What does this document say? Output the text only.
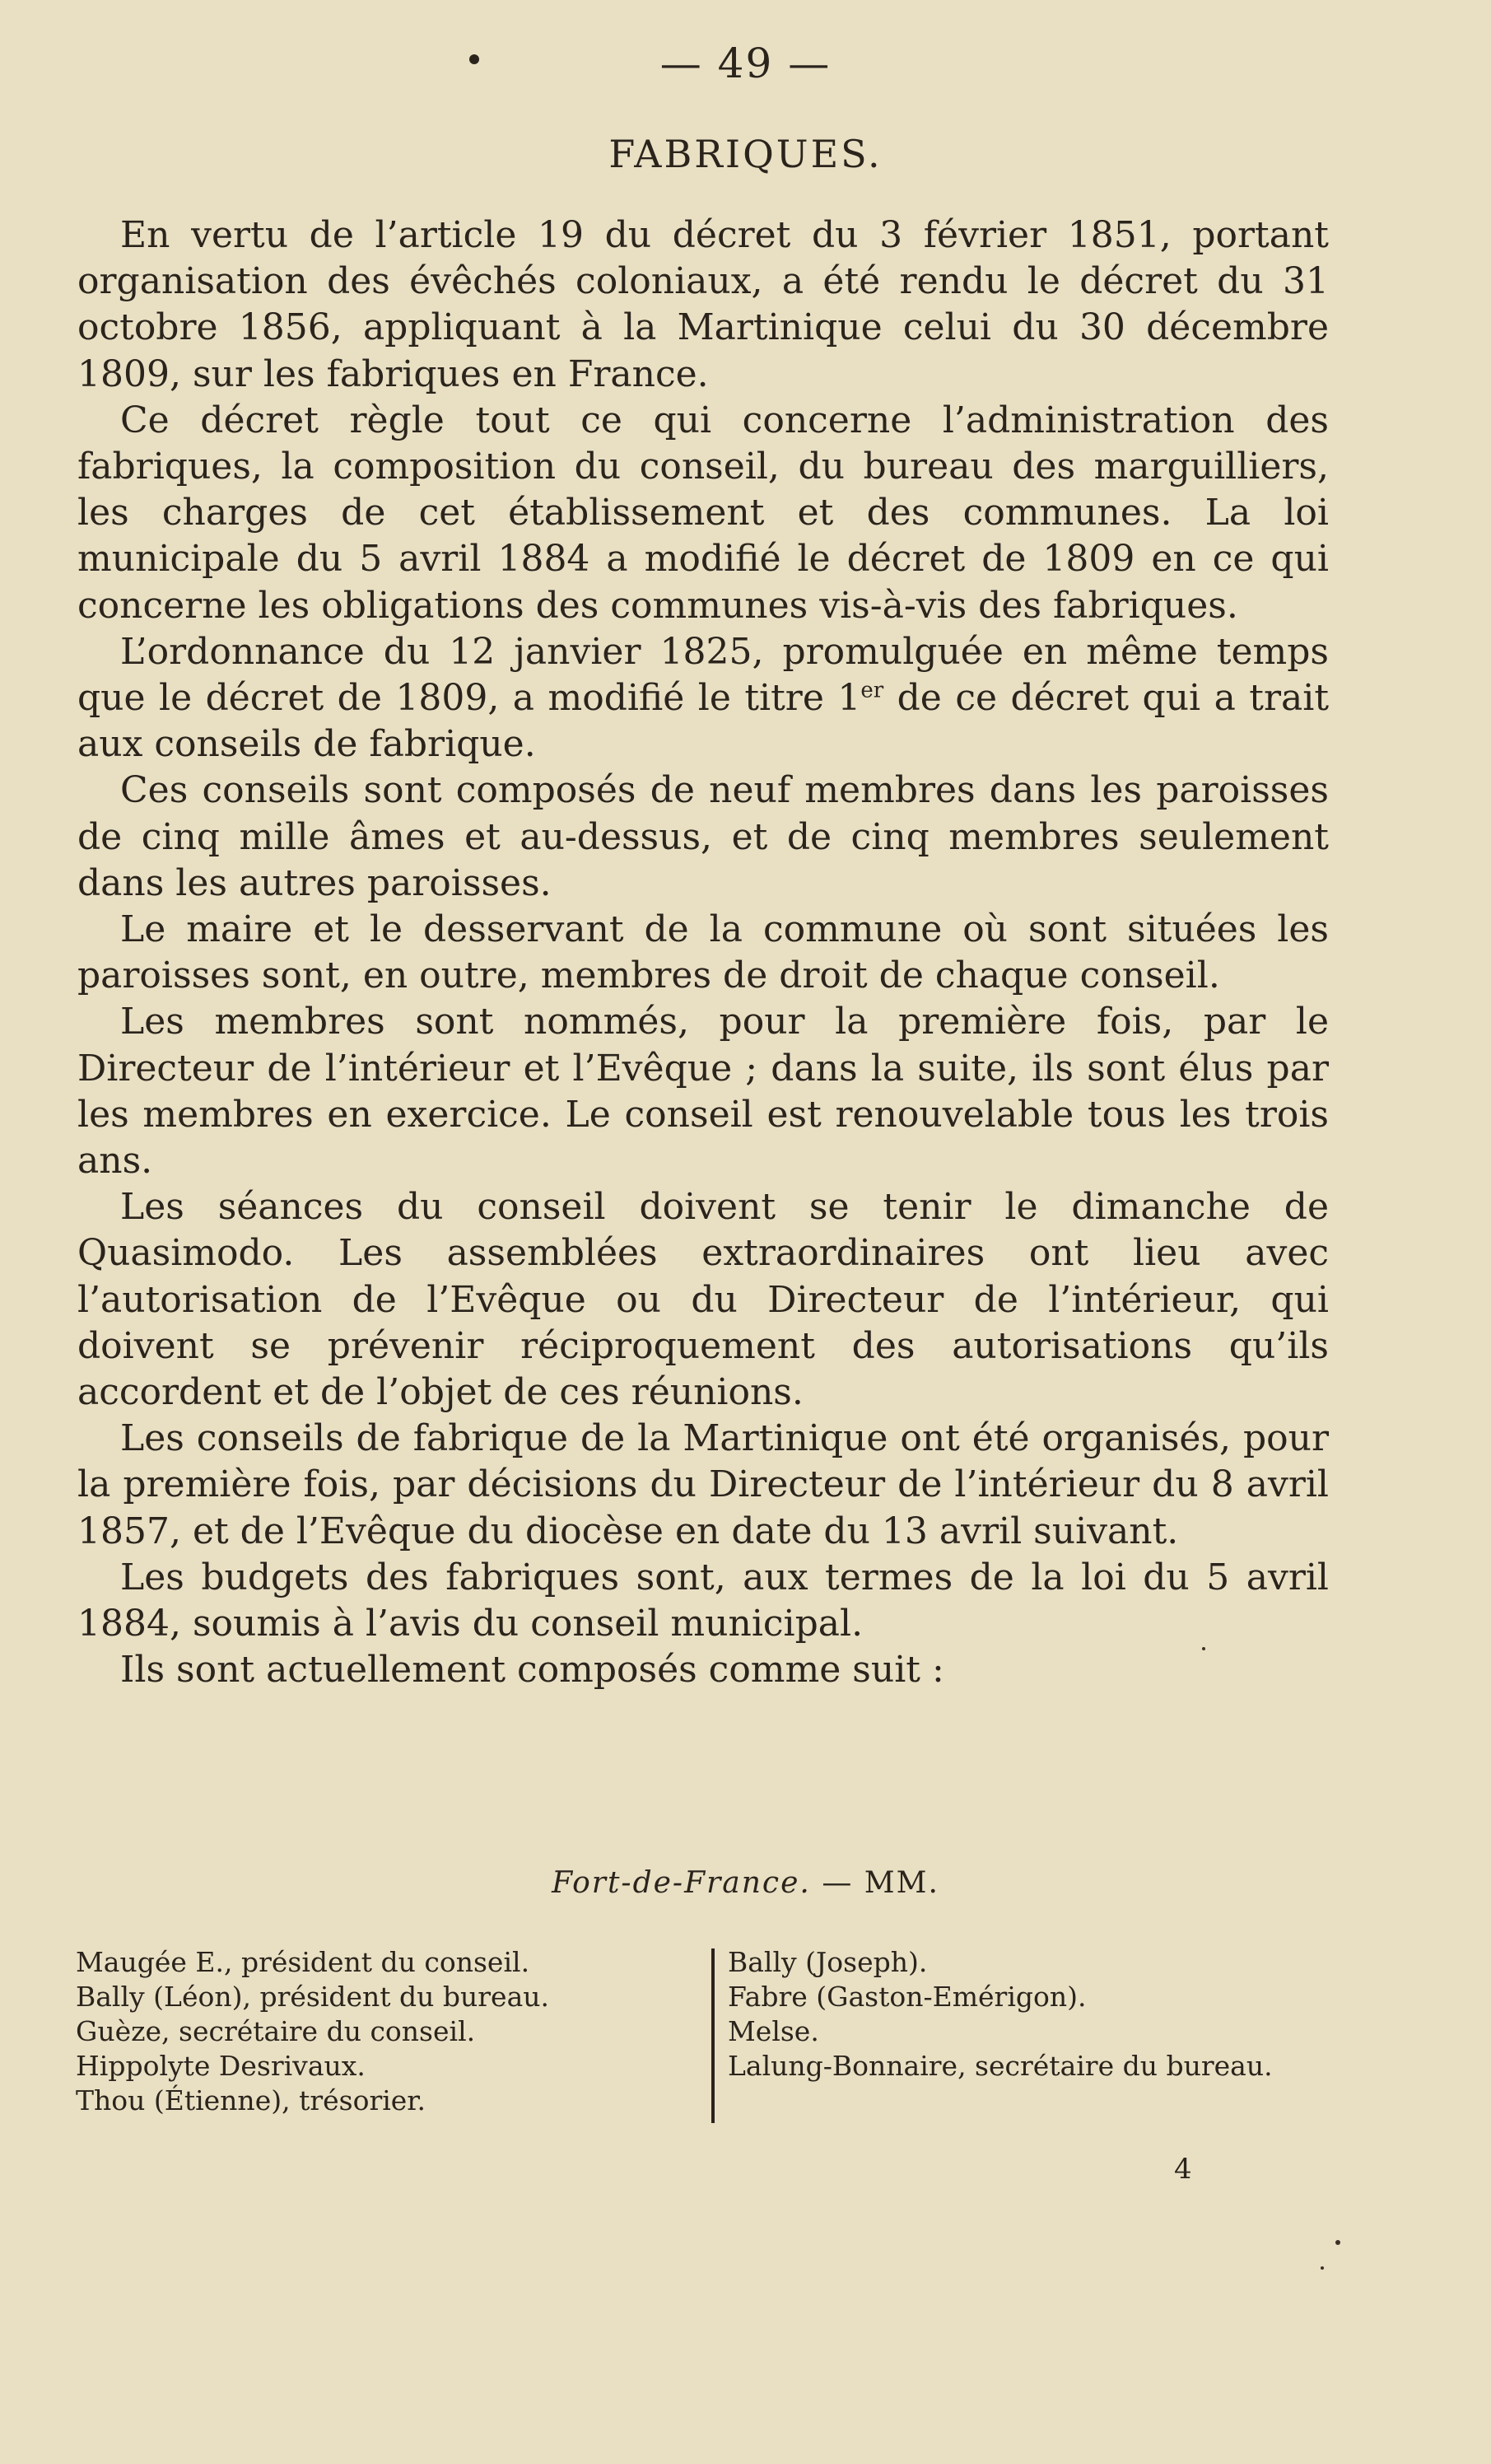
— 49 —
FABRIQUES.

En vertu de l’article 19 du décret du 3 février 1851, portant organisation des évêchés coloniaux, a été rendu le décret du 31 octobre 1856, appliquant à la Martinique celui du 30 décembre 1809, sur les fabriques en France.

Ce décret règle tout ce qui concerne l’administration des fabriques, la composition du conseil, du bureau des marguilliers, les charges de cet établissement et des communes. La loi municipale du 5 avril 1884 a modifié le décret de 1809 en ce qui concerne les obligations des communes vis-à-vis des fabriques.

L’ordonnance du 12 janvier 1825, promulguée en même temps que le décret de 1809, a modifié le titre 1er de ce décret qui a trait aux conseils de fabrique.

Ces conseils sont composés de neuf membres dans les paroisses de cinq mille âmes et au-dessus, et de cinq membres seulement dans les autres paroisses.

Le maire et le desservant de la commune où sont situées les paroisses sont, en outre, membres de droit de chaque conseil.

Les membres sont nommés, pour la première fois, par le Directeur de l’intérieur et l’Evêque ; dans la suite, ils sont élus par les membres en exercice. Le conseil est renouvelable tous les trois ans.

Les séances du conseil doivent se tenir le dimanche de Quasimodo. Les assemblées extraordinaires ont lieu avec l’autorisation de l’Evêque ou du Directeur de l’intérieur, qui doivent se prévenir réciproquement des autorisations qu’ils accordent et de l’objet de ces réunions.

Les conseils de fabrique de la Martinique ont été organisés, pour la première fois, par décisions du Directeur de l’intérieur du 8 avril 1857, et de l’Evêque du diocèse en date du 13 avril suivant.

Les budgets des fabriques sont, aux termes de la loi du 5 avril 1884, soumis à l’avis du conseil municipal.

Ils sont actuellement composés comme suit :

Fort-de-France. — MM.
Maugée E., président du conseil.
Bally (Léon), président du bureau.
Guèze, secrétaire du conseil.
Hippolyte Desrivaux.
Thou (Étienne), trésorier.
Bally (Joseph).
Fabre (Gaston-Emérigon).
Melse.
Lalung-Bonnaire, secrétaire du bureau.
4
